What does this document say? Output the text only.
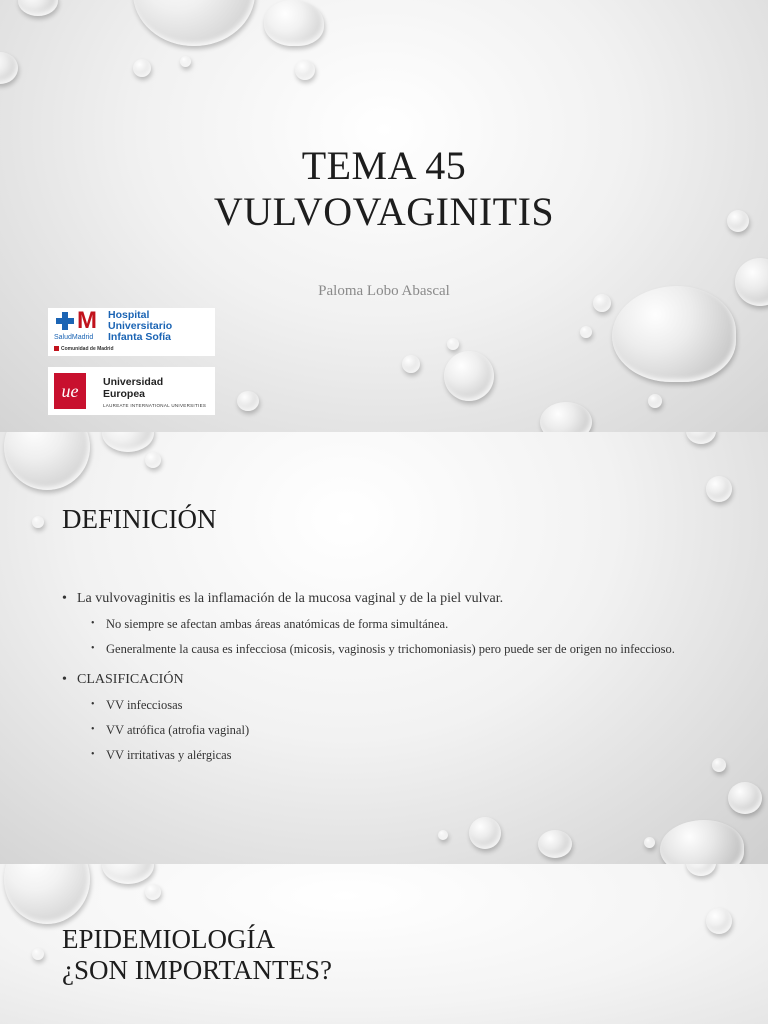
TEMA 45
VULVOVAGINITIS
Paloma Lobo Abascal
M Hospital Universitario
Infanta Sofía
SaludMadrid
Comunidad de Madrid
ue	Universidad
Europea
LAUREATE INTERNATIONAL UNIVERSITIES
DEFINICIÓN
• La vulvovaginitis es la inflamación de la mucosa vaginal y de la piel vulvar.
• No siempre se afectan ambas áreas anatómicas de forma simultánea.
• Generalmente la causa es infecciosa (micosis, vaginosis y trichomoniasis) pero puede ser de origen no infeccioso.
• CLASIFICACIÓN
• VV infecciosas
• VV atrófica (atrofia vaginal)
• VV irritativas y alérgicas
EPIDEMIOLOGÍA
¿SON IMPORTANTES?
